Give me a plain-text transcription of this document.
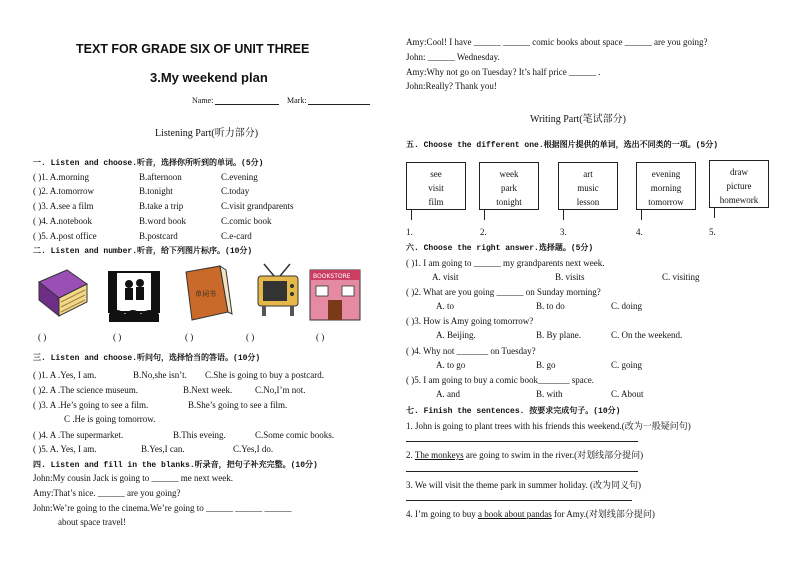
TEXT FOR GRADE SIX OF UNIT THREE
3.My weekend plan
Name:	Mark:
Listening Part(听力部分)
一. Listen and choose.听音，选择你所听到的单词。(5分)
( )1. A.morning	B.afternoon	C.evening
( )2. A.tomorrow	B.tonight	C.today
( )3. A.see a film	B.take a trip	C.visit grandparents
( )4. A.notebook	B.word book	C.comic book
( )5. A.post office	B.postcard	C.e-card
二. Listen and number.听音，给下列图片标序。(10分)
单词书
BOOKSTORE
( )	( )	( )	( )	( )
三. Listen and choose.听问句，选择恰当的答语。(10分)
( )1. A .Yes, I am.	B.No,she isn’t. C.She is going to buy a postcard.
( )2. A .The science museum.	B.Next week.	C.No,I’m not.
( )3. A .He’s going to see a film.	B.She’s going to see a film.
C .He is going tomorrow.
( )4. A .The supermarket.	B.This eveing.	C.Some comic books.
( )5. A. Yes, I am.	B.Yes,I can.	C.Yes,I do.
四. Listen and fill in the blanks.听录音，把句子补充完整。(10分)
John:My cousin Jack is going to ______ me next week.
Amy:That’s nice. ______ are you going?
John:We’re going to the cinema.We’re going to ______ ______ ______
about space travel!
Amy:Cool! I have ______ ______ comic books about space ______ are you going?
John: ______ Wednesday.
Amy:Why not go on Tuesday? It’s half price ______ .
John:Really? Thank you!
Writing Part(笔试部分)
五. Choose the different one.根据图片提供的单词，选出不同类的一项。(5分)
see
visit
film
week
park
tonight
art
music
lesson
evening
morning
tomorrow
draw
picture
homework
1.	2.	3.	4.	5.
六. Choose the right answer.选择题。(5分)
( )1. I am going to ______ my grandparents next week.
A. visit	B. visits	C. visiting
( )2. What are you going ______ on Sunday morning?
A. to	B. to do	C. doing
( )3. How is Amy going tomorrow?
A. Beijing.	B. By plane.	C. On the weekend.
( )4. Why not _______ on Tuesday?
A. to go	B. go	C. going
( )5. I am going to buy a comic book_______ space.
A. and	B. with	C. About
七. Finish the sentences. 按要求完成句子。(10分)
1. John is going to plant trees with his friends this weekend.(改为一般疑问句)
2. The monkeys are going to swim in the river.(对划线部分提问)
3. We will visit the theme park in summer holiday. (改为同义句)
4. I’m going to buy a book about pandas for Amy.(对划线部分提问)
